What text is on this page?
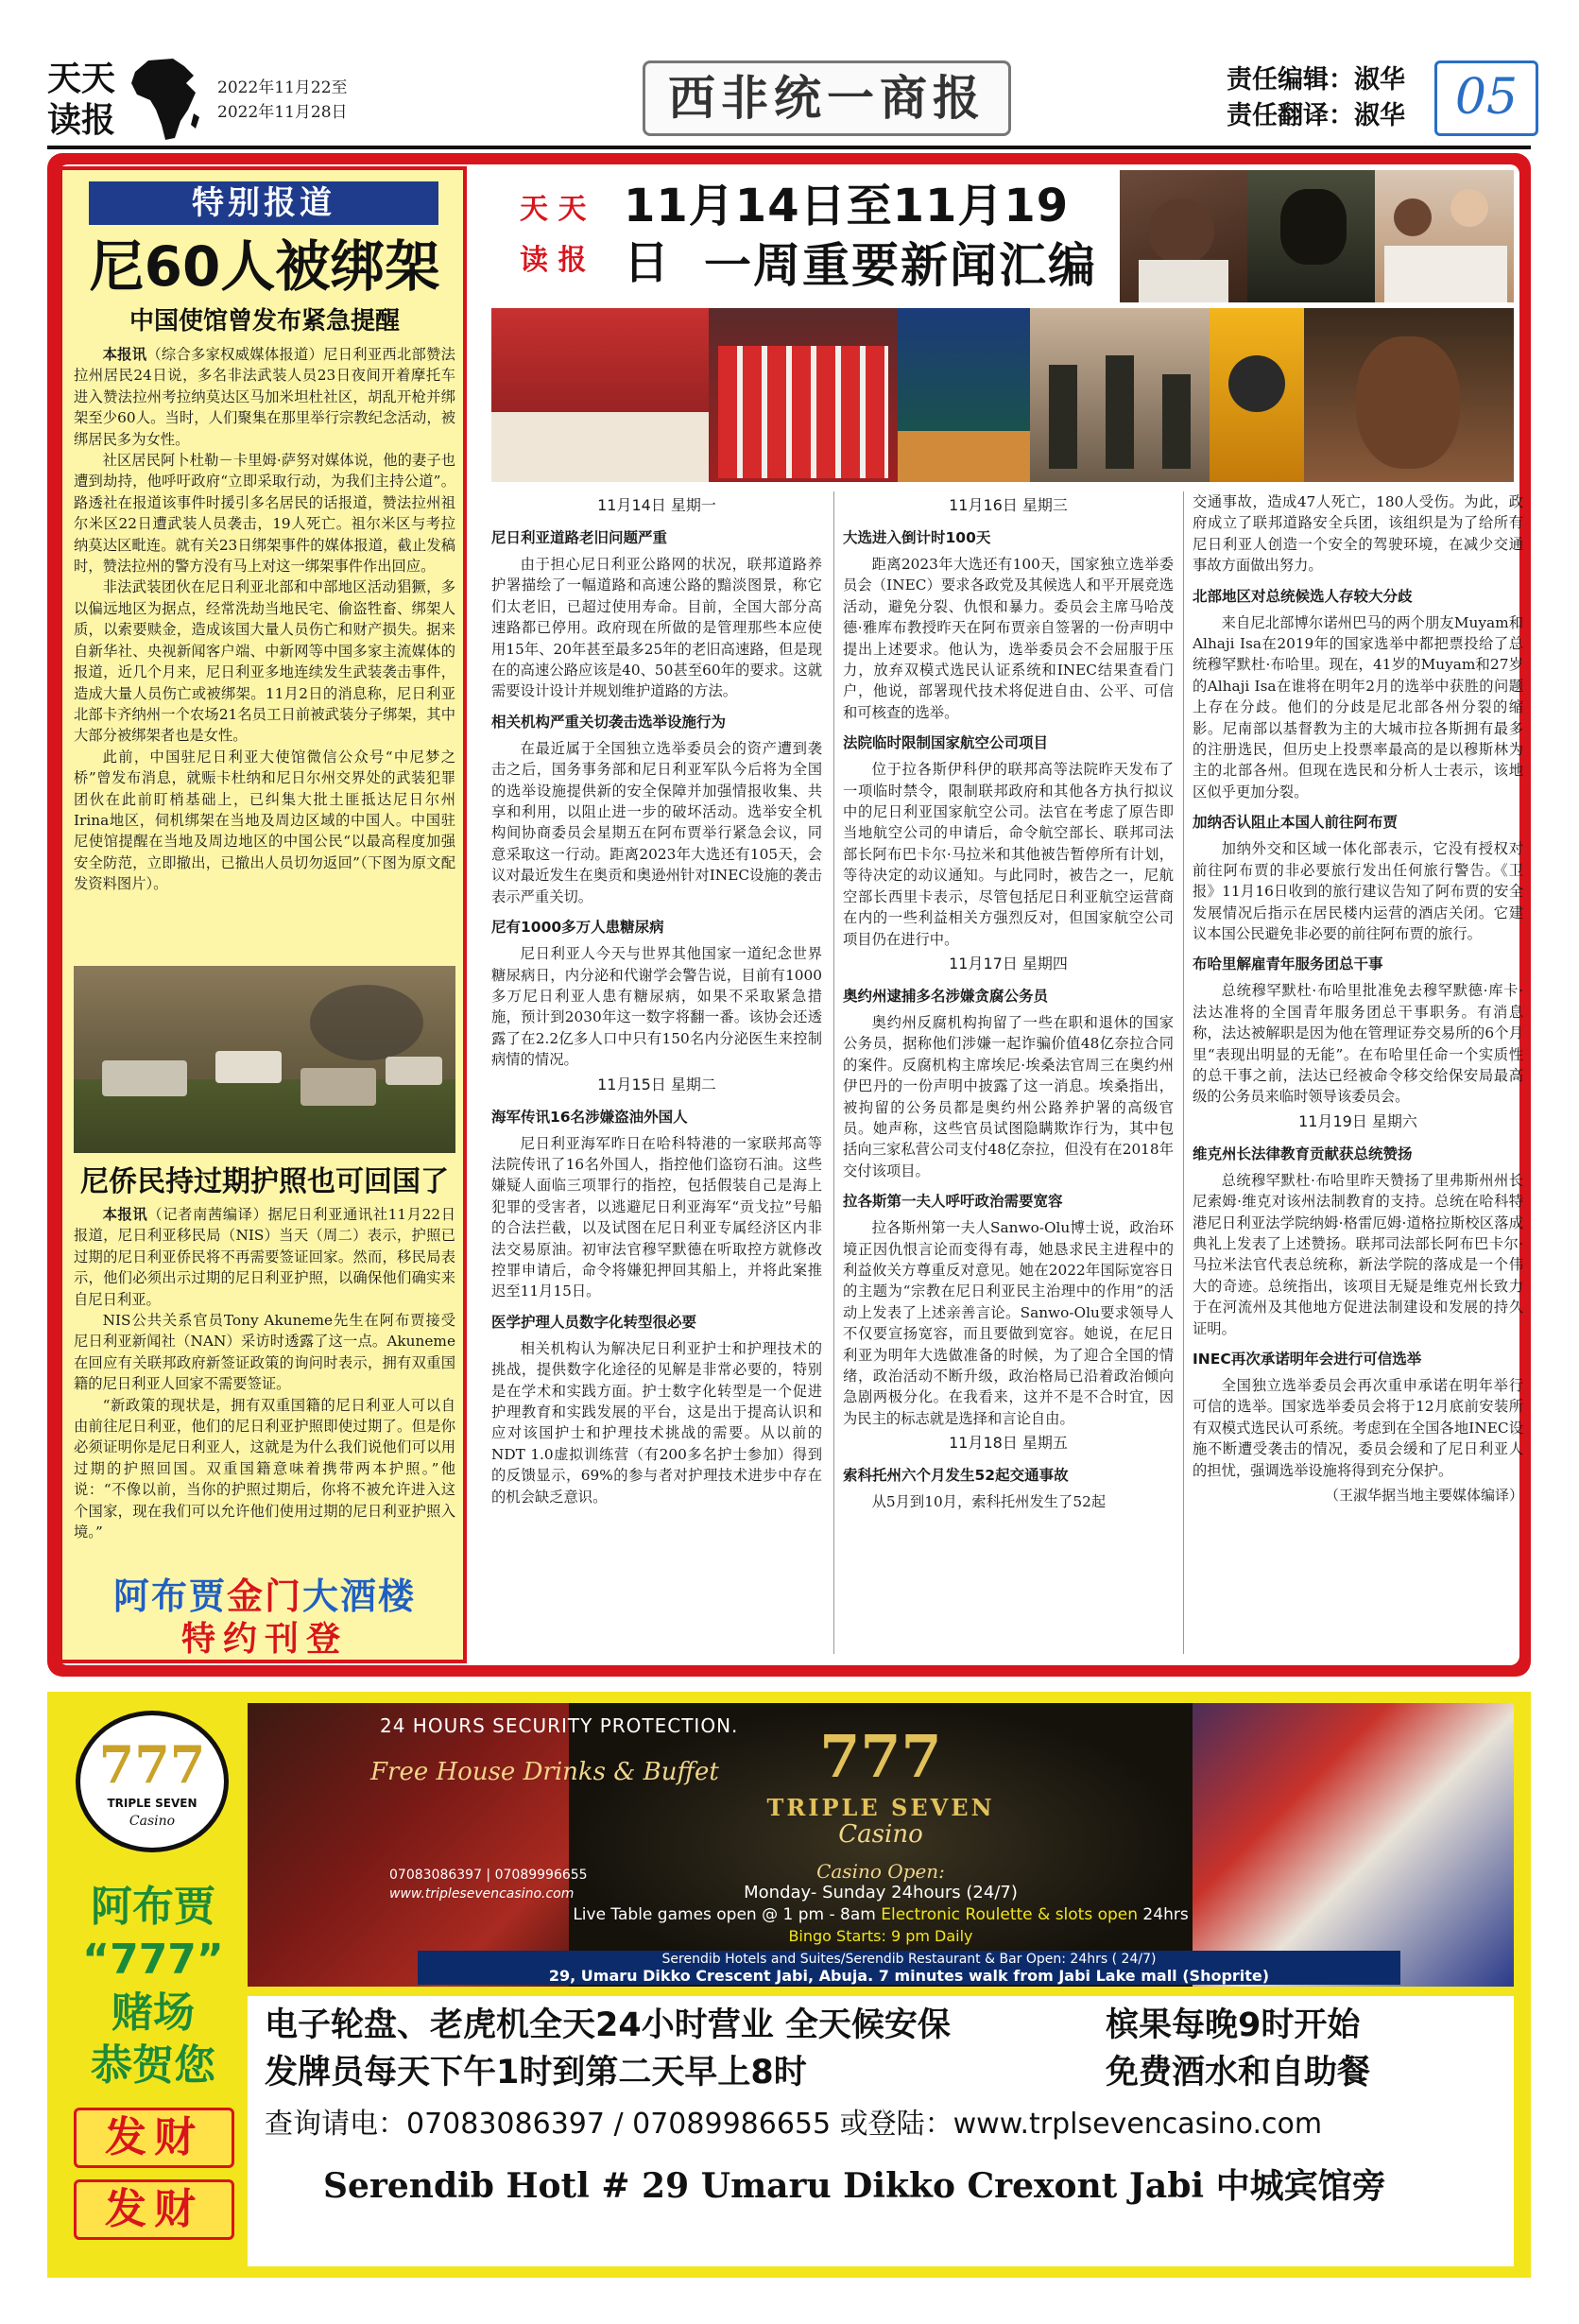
天天
读报
2022年11月22至
2022年11月28日	西非统一商报	责任编辑：淑华
责任翻译：淑华	05
特别报道
尼60人被绑架
中国使馆曾发布紧急提醒

本报讯（综合多家权威媒体报道）尼日利亚西北部赞法拉州居民24日说，多名非法武装人员23日夜间开着摩托车进入赞法拉州考拉纳莫达区马加米坦杜社区，胡乱开枪并绑架至少60人。当时，人们聚集在那里举行宗教纪念活动，被绑居民多为女性。

社区居民阿卜杜勒－卡里姆·萨努对媒体说，他的妻子也遭到劫持，他呼吁政府“立即采取行动，为我们主持公道”。路透社在报道该事件时援引多名居民的话报道，赞法拉州祖尔米区22日遭武装人员袭击，19人死亡。祖尔米区与考拉纳莫达区毗连。就有关23日绑架事件的媒体报道，截止发稿时，赞法拉州的警方没有马上对这一绑架事件作出回应。

非法武装团伙在尼日利亚北部和中部地区活动猖獗，多以偏远地区为据点，经常洗劫当地民宅、偷盗牲畜、绑架人质，以索要赎金，造成该国大量人员伤亡和财产损失。据来自新华社、央视新闻客户端、中新网等中国多家主流媒体的报道，近几个月来，尼日利亚多地连续发生武装袭击事件，造成大量人员伤亡或被绑架。11月2日的消息称，尼日利亚北部卡齐纳州一个农场21名员工日前被武装分子绑架，其中大部分被绑架者也是女性。

此前，中国驻尼日利亚大使馆微信公众号“中尼梦之桥”曾发布消息，就赈卡杜纳和尼日尔州交界处的武装犯罪团伙在此前盯梢基础上，已纠集大批土匪抵达尼日尔州Irina地区，伺机绑架在当地及周边区域的中国人。中国驻尼使馆提醒在当地及周边地区的中国公民“以最高程度加强安全防范，立即撤出，已撤出人员切勿返回”（下图为原文配发资料图片）。

尼侨民持过期护照也可回国了

本报讯（记者南茜编译）据尼日利亚通讯社11月22日报道，尼日利亚移民局（NIS）当天（周二）表示，护照已过期的尼日利亚侨民将不再需要签证回家。然而，移民局表示，他们必须出示过期的尼日利亚护照，以确保他们确实来自尼日利亚。

NIS公共关系官员Tony Akuneme先生在阿布贾接受尼日利亚新闻社（NAN）采访时透露了这一点。Akuneme在回应有关联邦政府新签证政策的询问时表示，拥有双重国籍的尼日利亚人回家不需要签证。

“新政策的现状是，拥有双重国籍的尼日利亚人可以自由前往尼日利亚，他们的尼日利亚护照即使过期了。但是你必须证明你是尼日利亚人，这就是为什么我们说他们可以用过期的护照回国。双重国籍意味着携带两本护照。”他说：“不像以前，当你的护照过期后，你将不被允许进入这个国家，现在我们可以允许他们使用过期的尼日利亚护照入境。”

阿布贾金门大酒楼
特约刊登
天 天
读 报
11月14日至11月19日 一周重要新闻汇编
11月14日 星期一
尼日利亚道路老旧问题严重

由于担心尼日利亚公路网的状况，联邦道路养护署描绘了一幅道路和高速公路的黯淡图景，称它们太老旧，已超过使用寿命。目前，全国大部分高速路都已停用。政府现在所做的是管理那些本应使用15年、20年甚至最多25年的老旧高速路，但是现在的高速公路应该是40、50甚至60年的要求。这就需要设计设计并规划维护道路的方法。

相关机构严重关切袭击选举设施行为

在最近属于全国独立选举委员会的资产遭到袭击之后，国务事务部和尼日利亚军队今后将为全国的选举设施提供新的安全保障并加强情报收集、共享和利用，以阻止进一步的破坏活动。选举安全机构间协商委员会星期五在阿布贾举行紧急会议，同意采取这一行动。距离2023年大选还有105天，会议对最近发生在奥贡和奥逊州针对INEC设施的袭击表示严重关切。

尼有1000多万人患糖尿病

尼日利亚人今天与世界其他国家一道纪念世界糖尿病日，内分泌和代谢学会警告说，目前有1000多万尼日利亚人患有糖尿病，如果不采取紧急措施，预计到2030年这一数字将翻一番。该协会还透露了在2.2亿多人口中只有150名内分泌医生来控制病情的情况。

11月15日 星期二
海军传讯16名涉嫌盗油外国人

尼日利亚海军昨日在哈科特港的一家联邦高等法院传讯了16名外国人，指控他们盗窃石油。这些嫌疑人面临三项罪行的指控，包括假装自己是海上犯罪的受害者，以逃避尼日利亚海军“贡戈拉”号船的合法拦截，以及试图在尼日利亚专属经济区内非法交易原油。初审法官穆罕默德在听取控方就修改控罪申请后，命令将嫌犯押回其船上，并将此案推迟至11月15日。

医学护理人员数字化转型很必要

相关机构认为解决尼日利亚护士和护理技术的挑战，提供数字化途径的见解是非常必要的，特别是在学术和实践方面。护士数字化转型是一个促进护理教育和实践发展的平台，这是出于提高认识和应对该国护士和护理技术挑战的需要。从以前的NDT 1.0虚拟训练营（有200多名护士参加）得到的反馈显示，69%的参与者对护理技术进步中存在的机会缺乏意识。

11月16日 星期三
大选进入倒计时100天

距离2023年大选还有100天，国家独立选举委员会（INEC）要求各政党及其候选人和平开展竞选活动，避免分裂、仇恨和暴力。委员会主席马哈茂德·雅库布教授昨天在阿布贾亲自签署的一份声明中提出上述要求。他认为，选举委员会不会屈服于压力，放弃双模式选民认证系统和INEC结果查看门户，他说，部署现代技术将促进自由、公平、可信和可核查的选举。

法院临时限制国家航空公司项目

位于拉各斯伊科伊的联邦高等法院昨天发布了一项临时禁令，限制联邦政府和其他各方执行拟议中的尼日利亚国家航空公司。法官在考虑了原告即当地航空公司的申请后，命令航空部长、联邦司法部长阿布巴卡尔·马拉米和其他被告暂停所有计划，等待决定的动议通知。与此同时，被告之一，尼航空部长西里卡表示，尽管包括尼日利亚航空运营商在内的一些利益相关方强烈反对，但国家航空公司项目仍在进行中。

11月17日 星期四
奥约州逮捕多名涉嫌贪腐公务员

奥约州反腐机构拘留了一些在职和退休的国家公务员，据称他们涉嫌一起诈骗价值48亿奈拉合同的案件。反腐机构主席埃尼·埃桑法官周三在奥约州伊巴丹的一份声明中披露了这一消息。埃桑指出，被拘留的公务员都是奥约州公路养护署的高级官员。她声称，这些官员试图隐瞒欺诈行为，其中包括向三家私营公司支付48亿奈拉，但没有在2018年交付该项目。

拉各斯第一夫人呼吁政治需要宽容

拉各斯州第一夫人Sanwo-Olu博士说，政治环境正因仇恨言论而变得有毒，她恳求民主进程中的利益攸关方尊重反对意见。她在2022年国际宽容日的主题为“宗教在尼日利亚民主治理中的作用”的活动上发表了上述亲善言论。Sanwo-Olu要求领导人不仅要宣扬宽容，而且要做到宽容。她说，在尼日利亚为明年大选做准备的时候，为了迎合全国的情绪，政治活动不断升级，政治格局已沿着政治倾向急剧两极分化。在我看来，这并不是不合时宜，因为民主的标志就是选择和言论自由。

11月18日 星期五
索科托州六个月发生52起交通事故

从5月到10月，索科托州发生了52起

交通事故，造成47人死亡，180人受伤。为此，政府成立了联邦道路安全兵团，该组织是为了给所有尼日利亚人创造一个安全的驾驶环境，在减少交通事故方面做出努力。

北部地区对总统候选人存较大分歧

来自尼北部博尔诺州巴马的两个朋友Muyam和Alhaji Isa在2019年的国家选举中都把票投给了总统穆罕默杜·布哈里。现在，41岁的Muyam和27岁的Alhaji Isa在谁将在明年2月的选举中获胜的问题上存在分歧。他们的分歧是尼北部各州分裂的缩影。尼南部以基督教为主的大城市拉各斯拥有最多的注册选民，但历史上投票率最高的是以穆斯林为主的北部各州。但现在选民和分析人士表示，该地区似乎更加分裂。

加纳否认阻止本国人前往阿布贾

加纳外交和区域一体化部表示，它没有授权对前往阿布贾的非必要旅行发出任何旅行警告。《卫报》11月16日收到的旅行建议告知了阿布贾的安全发展情况后指示在居民楼内运营的酒店关闭。它建议本国公民避免非必要的前往阿布贾的旅行。

布哈里解雇青年服务团总干事

总统穆罕默杜·布哈里批准免去穆罕默德·库卡·法达准将的全国青年服务团总干事职务。有消息称，法达被解职是因为他在管理证券交易所的6个月里“表现出明显的无能”。在布哈里任命一个实质性的总干事之前，法达已经被命令移交给保安局最高级的公务员来临时领导该委员会。

11月19日 星期六
维克州长法律教育贡献获总统赞扬

总统穆罕默杜·布哈里昨天赞扬了里弗斯州州长尼索姆·维克对该州法制教育的支持。总统在哈科特港尼日利亚法学院纳姆·格雷厄姆·道格拉斯校区落成典礼上发表了上述赞扬。联邦司法部长阿布巴卡尔·马拉米法官代表总统称，新法学院的落成是一个伟大的奇迹。总统指出，该项目无疑是维克州长致力于在河流州及其他地方促进法制建设和发展的持久证明。

INEC再次承诺明年会进行可信选举

全国独立选举委员会再次重申承诺在明年举行可信的选举。国家选举委员会将于12月底前安装所有双模式选民认可系统。考虑到在全国各地INEC设施不断遭受袭击的情况，委员会缓和了尼日利亚人的担忧，强调选举设施将得到充分保护。

（王淑华据当地主要媒体编译）
777
TRIPLE SEVEN
Casino
阿布贾
“777”
赌场
恭贺您
发财
发财
24 HOURS SECURITY PROTECTION.
Free House Drinks & Buffet
07083086397 | 07089996655
www.triplesevencasino.com
777
TRIPLE SEVEN
Casino
Casino Open:
Monday- Sunday 24hours (24/7)
Live Table games open @ 1 pm - 8am Electronic Roulette & slots open 24hrs
Bingo Starts: 9 pm Daily
Serendib Hotels and Suites/Serendib Restaurant & Bar Open: 24hrs ( 24/7)
29, Umaru Dikko Crescent Jabi, Abuja. 7 minutes walk from Jabi Lake mall (Shoprite)
电子轮盘、老虎机全天24小时营业 全天候安保	槟果每晚9时开始
发牌员每天下午1时到第二天早上8时	免费酒水和自助餐
查询请电：07083086397 / 07089986655 或登陆：www.trplsevencasino.com
Serendib Hotl # 29 Umaru Dikko Crexont Jabi 中城宾馆旁
